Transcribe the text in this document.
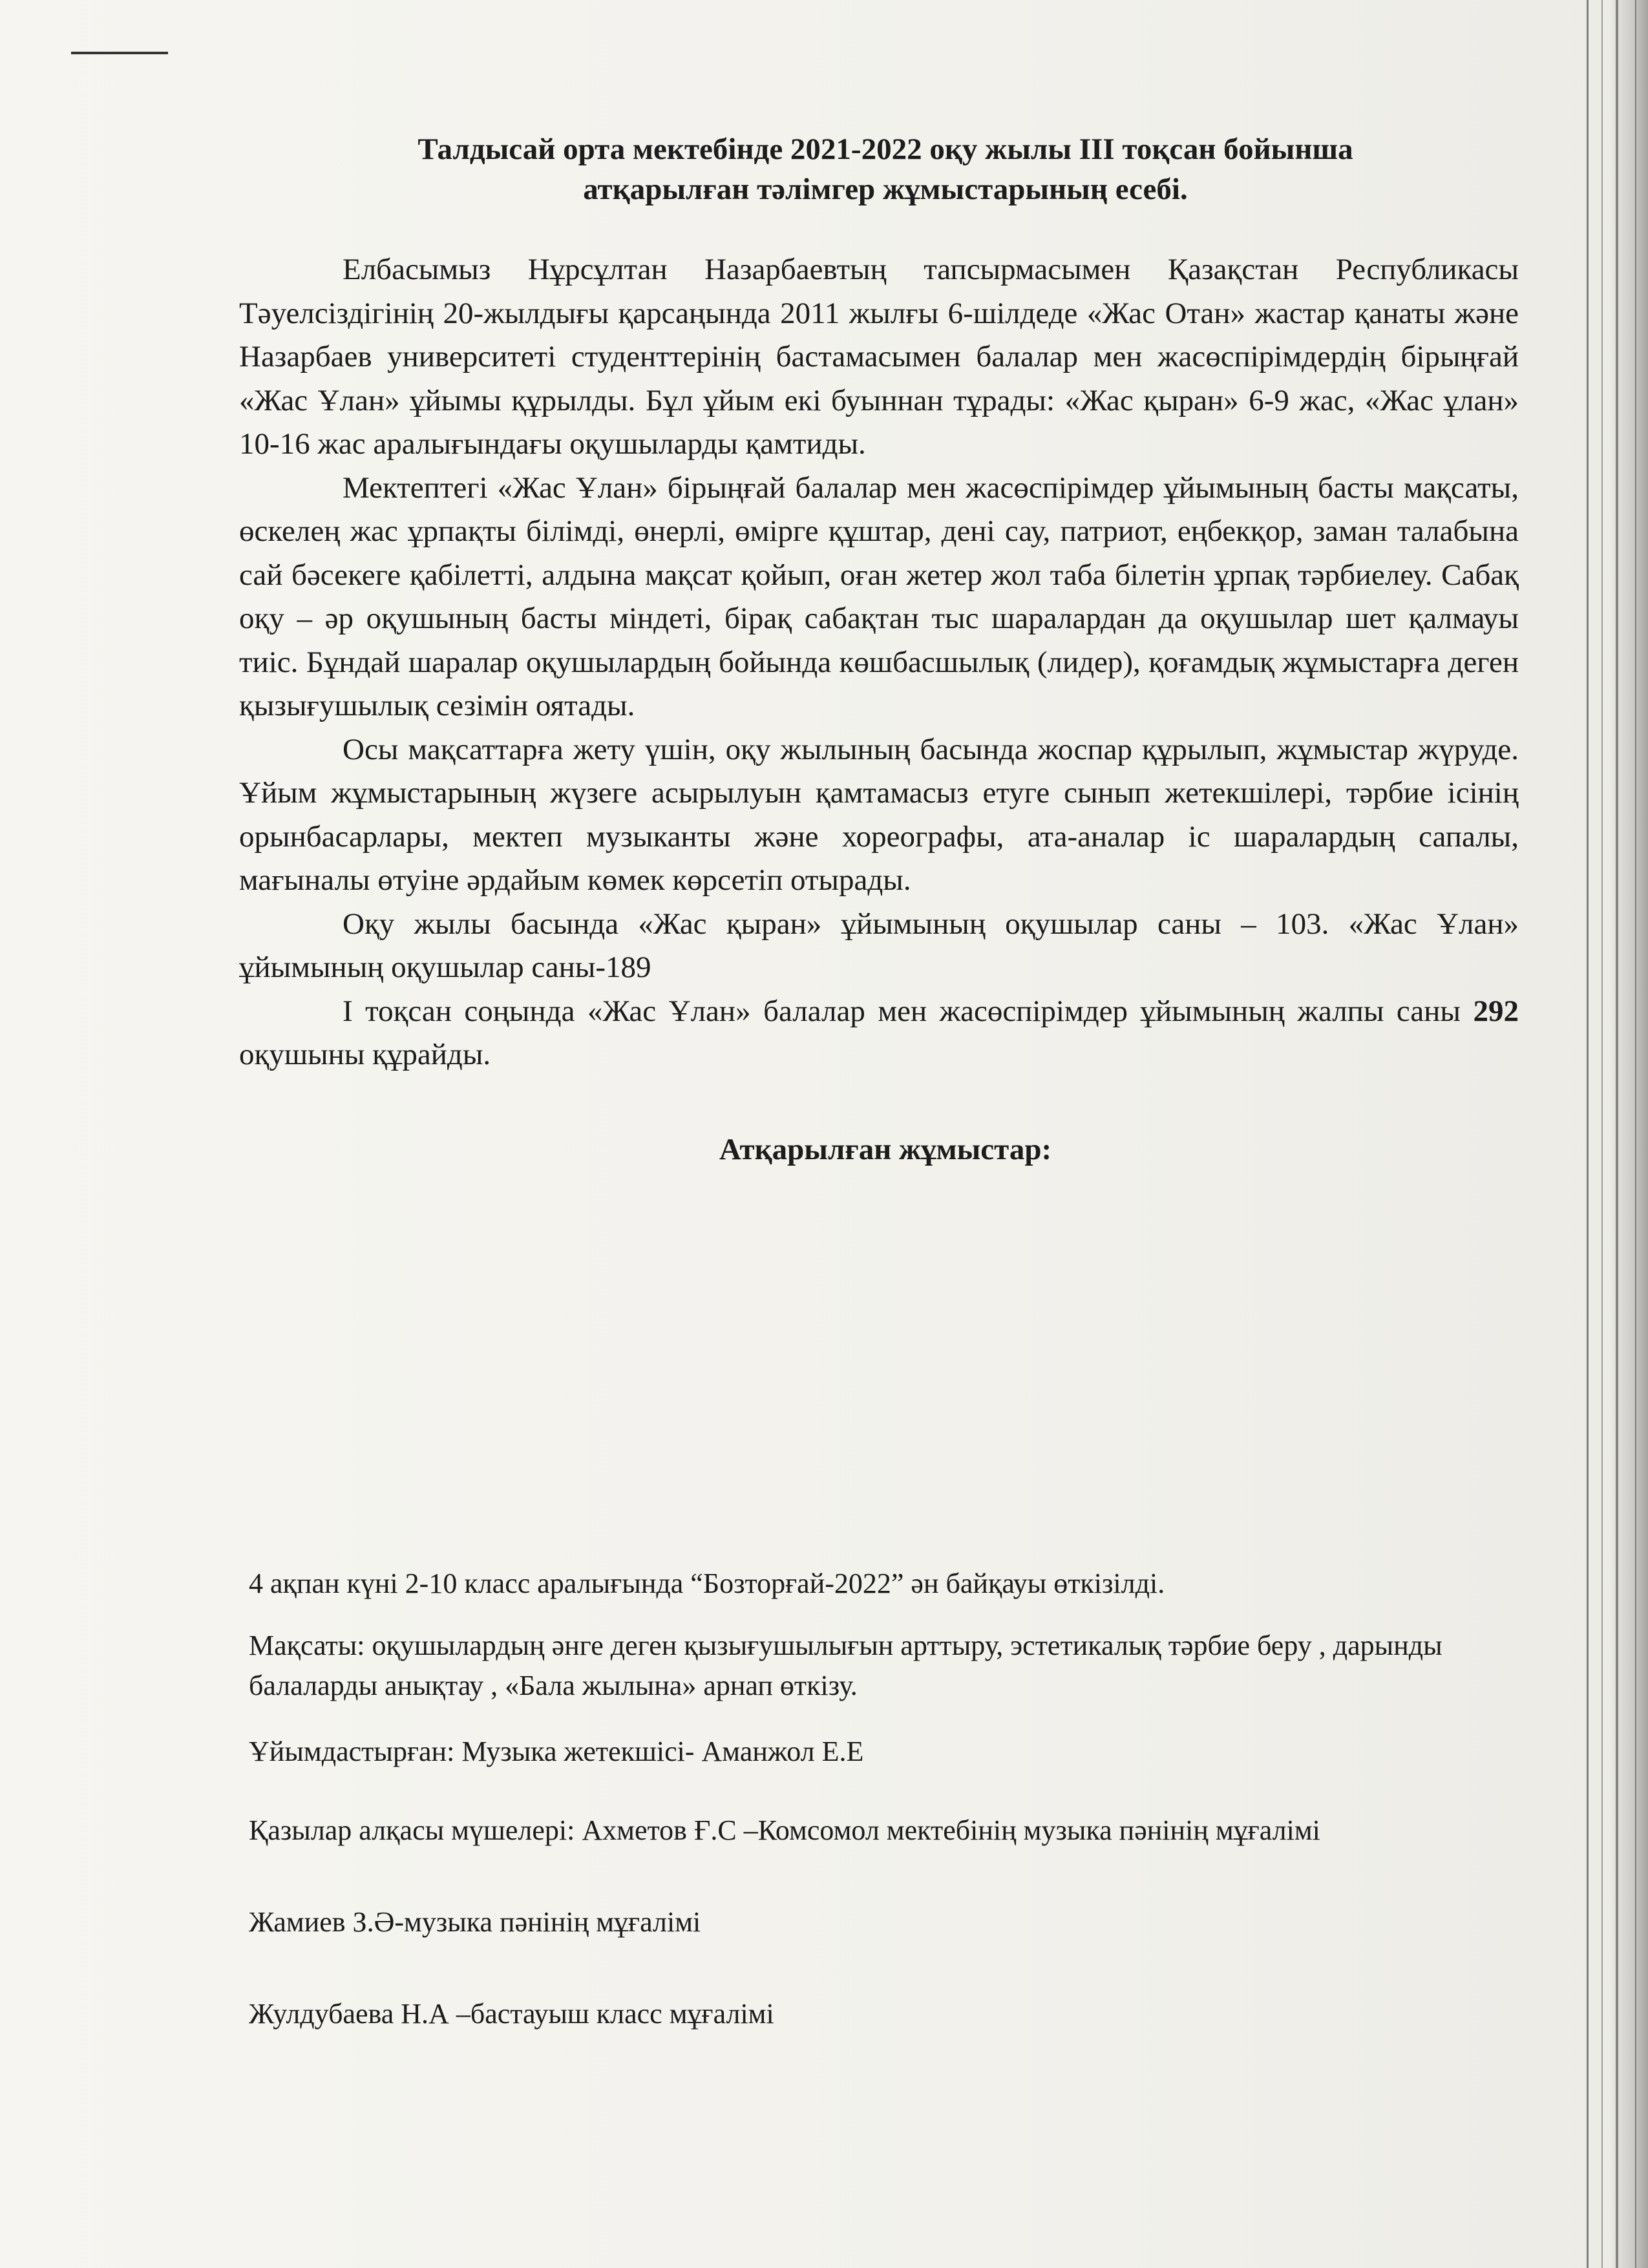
Талдысай орта мектебінде 2021-2022 оқу жылы ІІІ тоқсан бойынша
атқарылған тәлімгер жұмыстарының есебі.

Елбасымыз Нұрсұлтан Назарбаевтың тапсырмасымен Қазақстан Республикасы Тәуелсіздігінің 20-жылдығы қарсаңында 2011 жылғы 6-шілдеде «Жас Отан» жастар қанаты және Назарбаев университеті студенттерінің бастамасымен балалар мен жасөспірімдердің бірыңғай «Жас Ұлан» ұйымы құрылды. Бұл ұйым екі буыннан тұрады: «Жас қыран» 6-9 жас, «Жас ұлан» 10-16 жас аралығындағы оқушыларды қамтиды.

Мектептегі «Жас Ұлан» бірыңғай балалар мен жасөспірімдер ұйымының басты мақсаты, өскелең жас ұрпақты білімді, өнерлі, өмірге құштар, дені сау, патриот, еңбекқор, заман талабына сай бәсекеге қабілетті, алдына мақсат қойып, оған жетер жол таба білетін ұрпақ тәрбиелеу. Сабақ оқу – әр оқушының басты міндеті, бірақ сабақтан тыс шаралардан да оқушылар шет қалмауы тиіс. Бұндай шаралар оқушылардың бойында көшбасшылық (лидер), қоғамдық жұмыстарға деген қызығушылық сезімін оятады.

Осы мақсаттарға жету үшін, оқу жылының басында жоспар құрылып, жұмыстар жүруде. Ұйым жұмыстарының жүзеге асырылуын қамтамасыз етуге сынып жетекшілері, тәрбие ісінің орынбасарлары, мектеп музыканты және хореографы, ата-аналар іс шаралардың сапалы, мағыналы өтуіне әрдайым көмек көрсетіп отырады.

Оқу жылы басында «Жас қыран» ұйымының оқушылар саны – 103. «Жас Ұлан» ұйымының оқушылар саны-189

І тоқсан соңында «Жас Ұлан» балалар мен жасөспірімдер ұйымының жалпы саны 292 оқушыны құрайды.

Атқарылған жұмыстар:

4 ақпан күні 2-10 класс аралығында “Бозторғай-2022” ән байқауы өткізілді.

Мақсаты: оқушылардың әнге деген қызығушылығын арттыру, эстетикалық тәрбие беру , дарынды балаларды анықтау , «Бала жылына» арнап өткізу.

Ұйымдастырған: Музыка жетекшісі- Аманжол Е.Е

Қазылар алқасы мүшелері: Ахметов Ғ.С –Комсомол мектебінің музыка пәнінің мұғалімі

Жамиев З.Ә-музыка пәнінің мұғалімі

Жулдубаева Н.А –бастауыш класс мұғалімі
